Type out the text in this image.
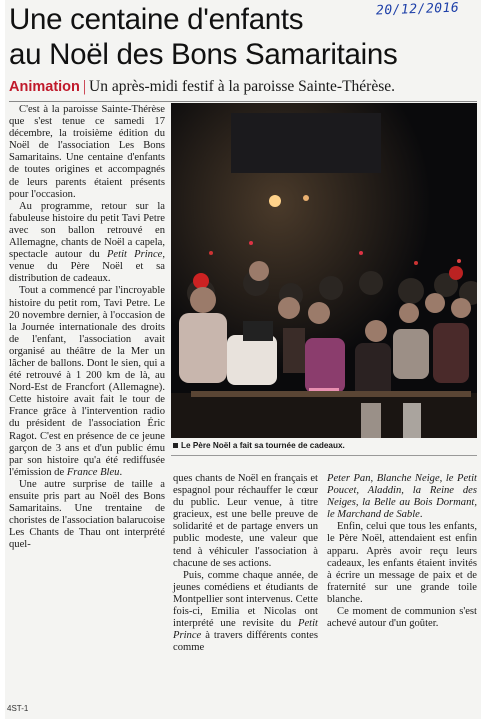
20/12/2016
Une centaine d'enfants
au Noël des Bons Samaritains
Animation | Un après-midi festif à la paroisse Sainte-Thérèse.

C'est à la paroisse Sainte-Thérèse que s'est tenue ce samedi 17 décembre, la troisième édition du Noël de l'association Les Bons Samaritains. Une centaine d'enfants de toutes origines et accompagnés de leurs parents étaient présents pour l'occasion.

Au programme, retour sur la fabuleuse histoire du petit Tavi Petre avec son ballon retrouvé en Allemagne, chants de Noël a capela, spectacle autour du Petit Prince, venue du Père Noël et sa distribution de cadeaux.

Tout a commencé par l'incroyable histoire du petit rom, Tavi Petre. Le 20 novembre dernier, à l'occasion de la Journée internationale des droits de l'enfant, l'association avait organisé au théâtre de la Mer un lâcher de ballons. Dont le sien, qui a été retrouvé à 1 200 km de là, au Nord-Est de Francfort (Allemagne). Cette histoire avait fait le tour de France grâce à l'intervention radio du président de l'association Éric Ragot. C'est en présence de ce jeune garçon de 3 ans et d'un public ému par son histoire qu'a été rediffusée l'émission de France Bleu.

Une autre surprise de taille a ensuite pris part au Noël des Bons Samaritains. Une trentaine de choristes de l'association balarucoise Les Chants de Thau ont interprété quel-

Le Père Noël a fait sa tournée de cadeaux.

ques chants de Noël en français et espagnol pour réchauffer le cœur du public. Leur venue, à titre gracieux, est une belle preuve de solidarité et de partage envers un public modeste, une valeur que tend à véhiculer l'association à chacune de ses actions.

Puis, comme chaque année, de jeunes comédiens et étudiants de Montpellier sont intervenus. Cette fois-ci, Emilia et Nicolas ont interprété une revisite du Petit Prince à travers différents contes comme

Peter Pan, Blanche Neige, le Petit Poucet, Aladdin, la Reine des Neiges, la Belle au Bois Dormant, le Marchand de Sable.

Enfin, celui que tous les enfants, le Père Noël, attendaient est enfin apparu. Après avoir reçu leurs cadeaux, les enfants étaient invités à écrire un message de paix et de fraternité sur une grande toile blanche.

Ce moment de communion s'est achevé autour d'un goûter.

4ST-1
